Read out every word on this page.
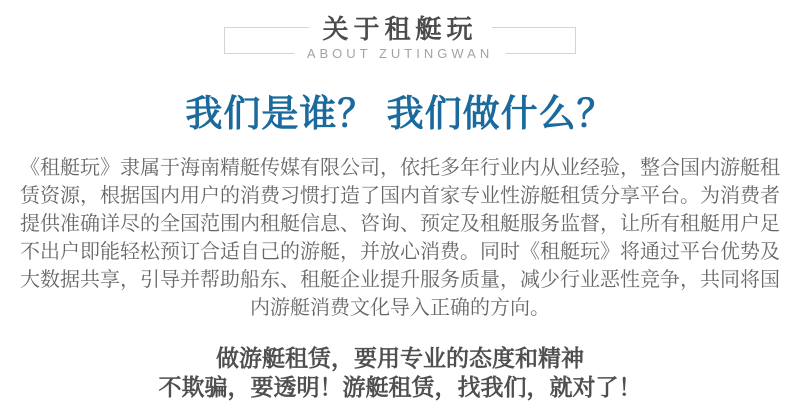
关于租艇玩
ABOUT ZUTINGWAN
我们是谁？ 我们做什么？
《租艇玩》隶属于海南精艇传媒有限公司，依托多年行业内从业经验，整合国内游艇租
赁资源，根据国内用户的消费习惯打造了国内首家专业性游艇租赁分享平台。为消费者
提供准确详尽的全国范围内租艇信息、咨询、预定及租艇服务监督，让所有租艇用户足
不出户即能轻松预订合适自己的游艇，并放心消费。同时《租艇玩》将通过平台优势及
大数据共享，引导并帮助船东、租艇企业提升服务质量，减少行业恶性竞争，共同将国
内游艇消费文化导入正确的方向。
做游艇租赁，要用专业的态度和精神
不欺骗，要透明！游艇租赁，找我们，就对了！
